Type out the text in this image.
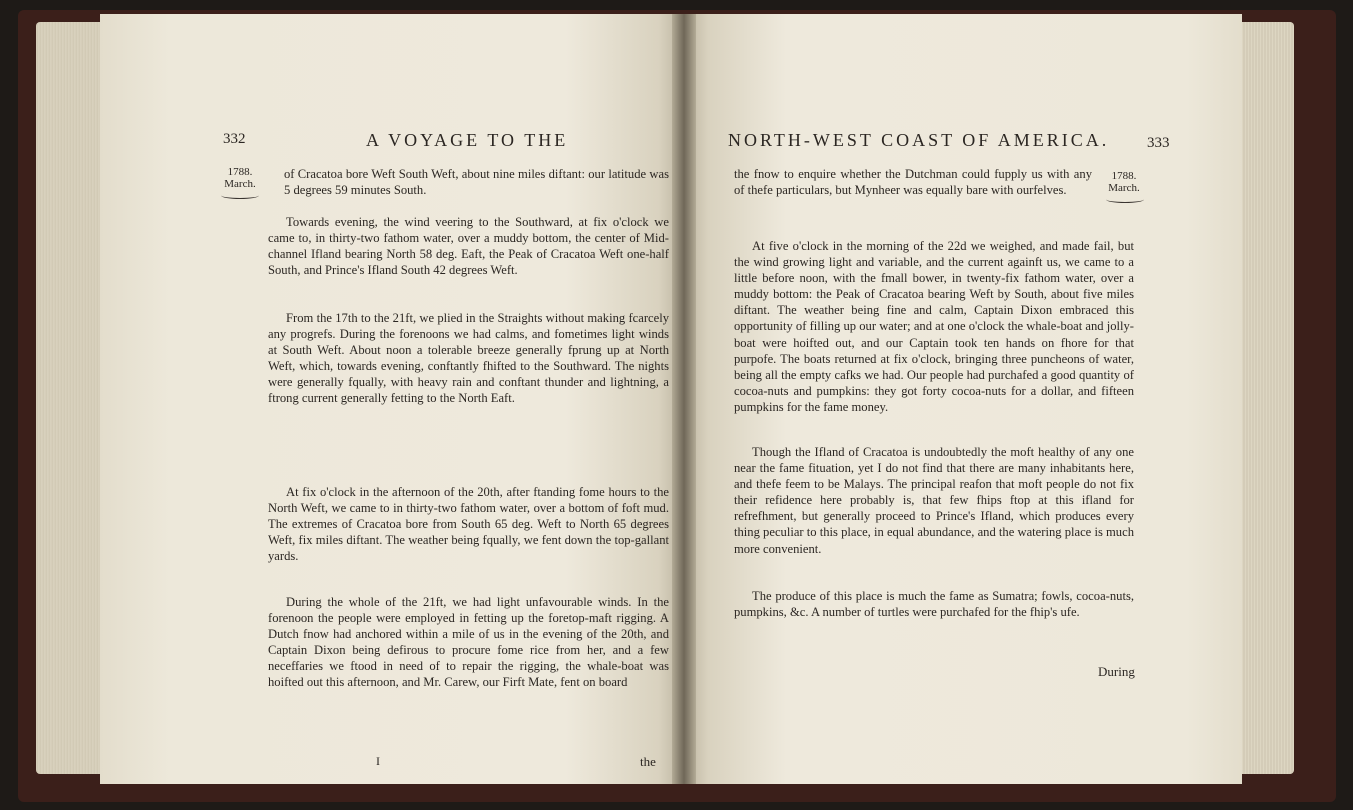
332	A VOYAGE TO THE
1788.
March.

of Cracatoa bore Weft South Weft, about nine miles diftant: our latitude was 5 degrees 59 minutes South.

Towards evening, the wind veering to the Southward, at fix o'clock we came to, in thirty-two fathom water, over a muddy bottom, the center of Mid-channel Ifland bearing North 58 deg. Eaft, the Peak of Cracatoa Weft one-half South, and Prince's Ifland South 42 degrees Weft.

From the 17th to the 21ft, we plied in the Straights without making fcarcely any progrefs. During the forenoons we had calms, and fometimes light winds at South Weft. About noon a tolerable breeze generally fprung up at North Weft, which, towards evening, conftantly fhifted to the Southward. The nights were generally fqually, with heavy rain and conftant thunder and lightning, a ftrong current generally fetting to the North Eaft.

At fix o'clock in the afternoon of the 20th, after ftanding fome hours to the North Weft, we came to in thirty-two fathom water, over a bottom of foft mud. The extremes of Cracatoa bore from South 65 deg. Weft to North 65 degrees Weft, fix miles diftant. The weather being fqually, we fent down the top-gallant yards.

During the whole of the 21ft, we had light unfavourable winds. In the forenoon the people were employed in fetting up the foretop-maft rigging. A Dutch fnow had anchored within a mile of us in the evening of the 20th, and Captain Dixon being defirous to procure fome rice from her, and a few neceffaries we ftood in need of to repair the rigging, the whale-boat was hoifted out this afternoon, and Mr. Carew, our Firft Mate, fent on board

I	the
NORTH-WEST COAST OF AMERICA.	333
1788.
March.

the fnow to enquire whether the Dutchman could fupply us with any of thefe particulars, but Mynheer was equally bare with ourfelves.

At five o'clock in the morning of the 22d we weighed, and made fail, but the wind growing light and variable, and the current againft us, we came to a little before noon, with the fmall bower, in twenty-fix fathom water, over a muddy bottom: the Peak of Cracatoa bearing Weft by South, about five miles diftant. The weather being fine and calm, Captain Dixon embraced this opportunity of filling up our water; and at one o'clock the whale-boat and jolly-boat were hoifted out, and our Captain took ten hands on fhore for that purpofe. The boats returned at fix o'clock, bringing three puncheons of water, being all the empty cafks we had. Our people had purchafed a good quantity of cocoa-nuts and pumpkins: they got forty cocoa-nuts for a dollar, and fifteen pumpkins for the fame money.

Though the Ifland of Cracatoa is undoubtedly the moft healthy of any one near the fame fituation, yet I do not find that there are many inhabitants here, and thefe feem to be Malays. The principal reafon that moft people do not fix their refidence here probably is, that few fhips ftop at this ifland for refrefhment, but generally proceed to Prince's Ifland, which produces every thing peculiar to this place, in equal abundance, and the watering place is much more convenient.

The produce of this place is much the fame as Sumatra; fowls, cocoa-nuts, pumpkins, &c. A number of turtles were purchafed for the fhip's ufe.

During
